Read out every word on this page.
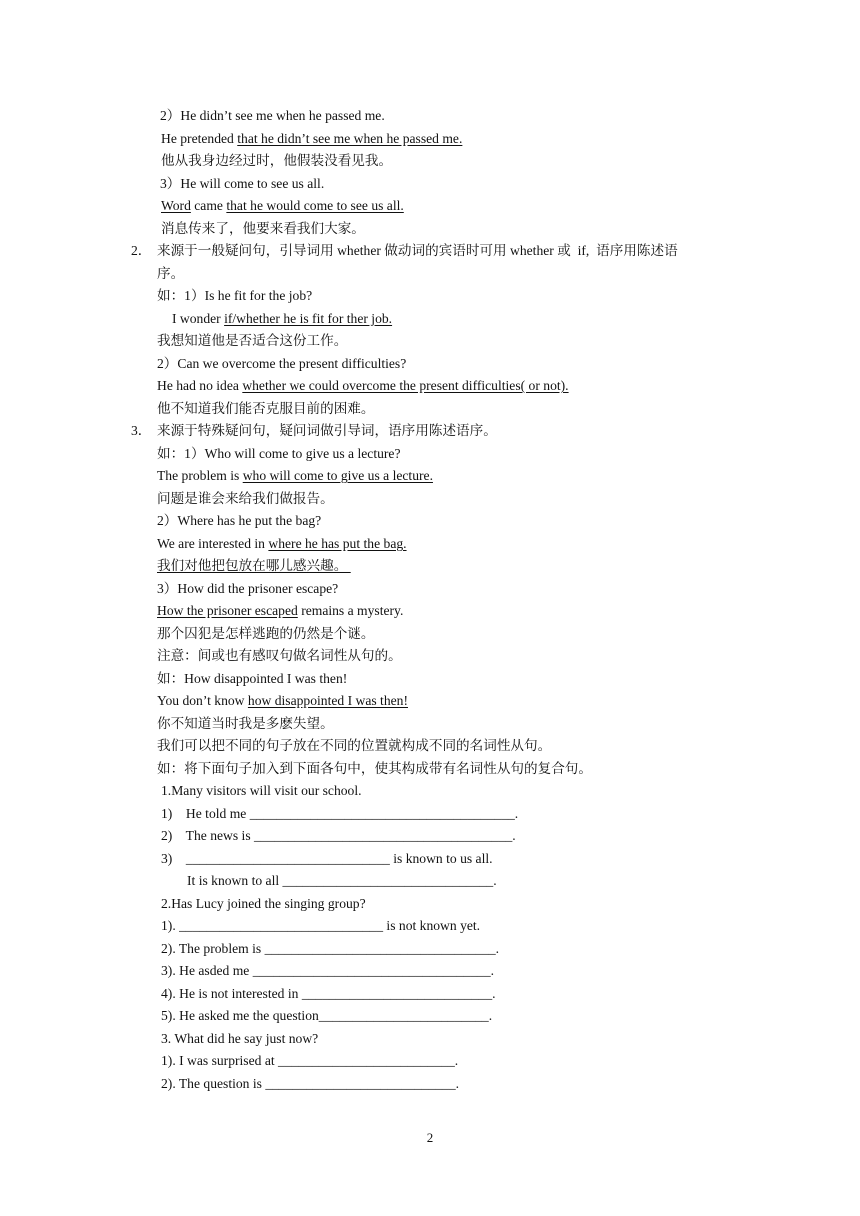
2）He didn’t see me when he passed me.
He pretended that he didn’t see me when he passed me.
他从我身边经过时，他假装没看见我。
3）He will come to see us all.
Word came that he would come to see us all.
消息传来了，他要来看我们大家。
2． 来源于一般疑问句，引导词用 whether 做动词的宾语时可用 whether 或  if,  语序用陈述语
序。
如：1）Is he fit for the job?
I wonder if/whether he is fit for ther job.
我想知道他是否适合这份工作。
2）Can we overcome the present difficulties?
He had no idea whether we could overcome the present difficulties( or not).
他不知道我们能否克服目前的困难。
3． 来源于特殊疑问句，疑问词做引导词，语序用陈述语序。
如：1）Who will come to give us a lecture?
The problem is who will come to give us a lecture.
问题是谁会来给我们做报告。
2）Where has he put the bag?
We are interested in where he has put the bag.
我们对他把包放在哪儿感兴趣。
3）How did the prisoner escape?
How the prisoner escaped remains a mystery.
那个囚犯是怎样逃跑的仍然是个谜。
注意：间或也有感叹句做名词性从句的。
如：How disappointed I was then!
You don’t know how disappointed I was then!
你不知道当时我是多麽失望。
我们可以把不同的句子放在不同的位置就构成不同的名词性从句。
如：将下面句子加入到下面各句中，使其构成带有名词性从句的复合句。
1.Many visitors will visit our school.
1)    He told me _______________________________________.
2)    The news is ______________________________________.
3)    ______________________________ is known to us all.
It is known to all _______________________________.
2.Has Lucy joined the singing group?
1). ______________________________ is not known yet.
2). The problem is __________________________________.
3). He asded me ___________________________________.
4). He is not interested in ____________________________.
5). He asked me the question_________________________.
3. What did he say just now?
1). I was surprised at __________________________.
2). The question is ____________________________.
2
